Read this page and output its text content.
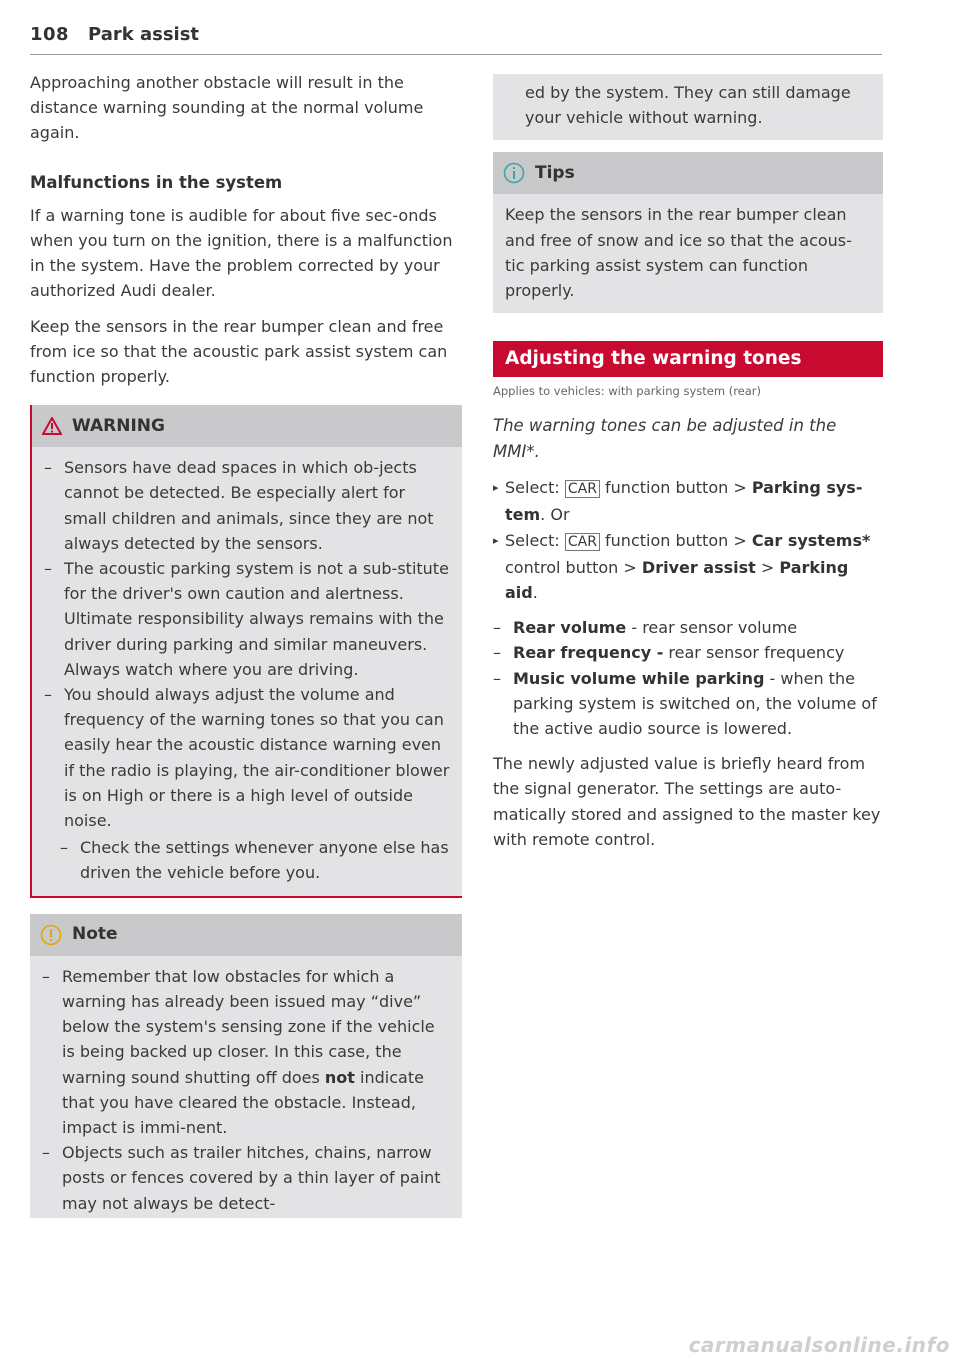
108 Park assist

Approaching another obstacle will result in the distance warning sounding at the normal volume again.

Malfunctions in the system

If a warning tone is audible for about five sec-onds when you turn on the ignition, there is a malfunction in the system. Have the problem corrected by your authorized Audi dealer.

Keep the sensors in the rear bumper clean and free from ice so that the acoustic park assist system can function properly.

WARNING

– Sensors have dead spaces in which ob-jects cannot be detected. Be especially alert for small children and animals, since they are not always detected by the sensors.

– The acoustic parking system is not a sub-stitute for the driver's own caution and alertness. Ultimate responsibility always remains with the driver during parking and similar maneuvers. Always watch where you are driving.

– You should always adjust the volume and frequency of the warning tones so that you can easily hear the acoustic distance warning even if the radio is playing, the air-conditioner blower is on High or there is a high level of outside noise.

– Check the settings whenever anyone else has driven the vehicle before you.

Note

– Remember that low obstacles for which a warning has already been issued may “dive” below the system's sensing zone if the vehicle is being backed up closer. In this case, the warning sound shutting off does not indicate that you have cleared the obstacle. Instead, impact is immi-nent.

– Objects such as trailer hitches, chains, narrow posts or fences covered by a thin layer of paint may not always be detect-

ed by the system. They can still damage your vehicle without warning.

Tips

Keep the sensors in the rear bumper clean and free of snow and ice so that the acous-tic parking assist system can function properly.

Adjusting the warning tones
Applies to vehicles: with parking system (rear)

The warning tones can be adjusted in the MMI*.

▸ Select: CAR function button > Parking sys-tem. Or

▸ Select: CAR function button > Car systems* control button > Driver assist > Parking aid.

– Rear volume - rear sensor volume

– Rear frequency - rear sensor frequency

– Music volume while parking - when the parking system is switched on, the volume of the active audio source is lowered.

The newly adjusted value is briefly heard from the signal generator. The settings are auto-matically stored and assigned to the master key with remote control.

carmanualsonline.info
